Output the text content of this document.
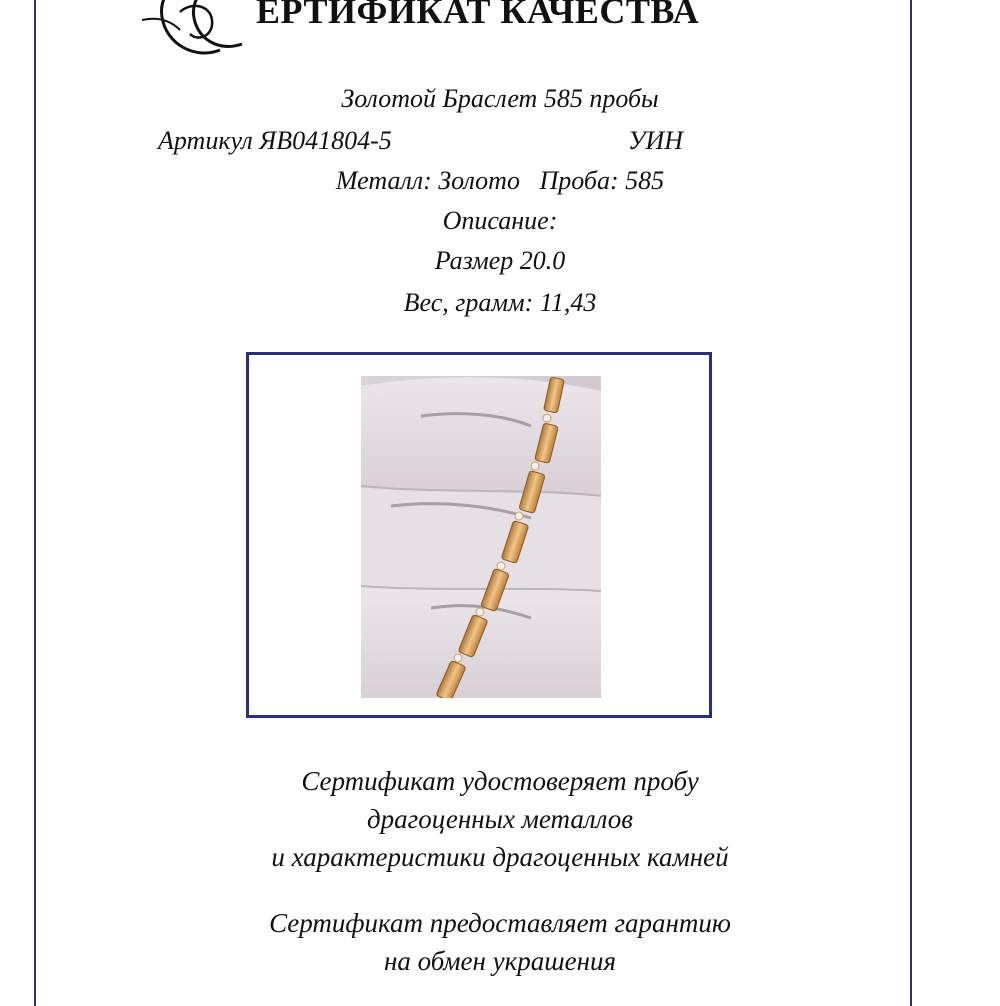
ЕРТИФИКАТ КАЧЕСТВА
Золотой Браслет 585 пробы
Артикул ЯВ041804-5	УИН
Металл: Золото   Проба: 585
Описание:
Размер 20.0
Вес, грамм: 11,43
Сертификат удостоверяет пробу
драгоценных металлов
и характеристики драгоценных камней
Сертификат предоставляет гарантию
на обмен украшения
